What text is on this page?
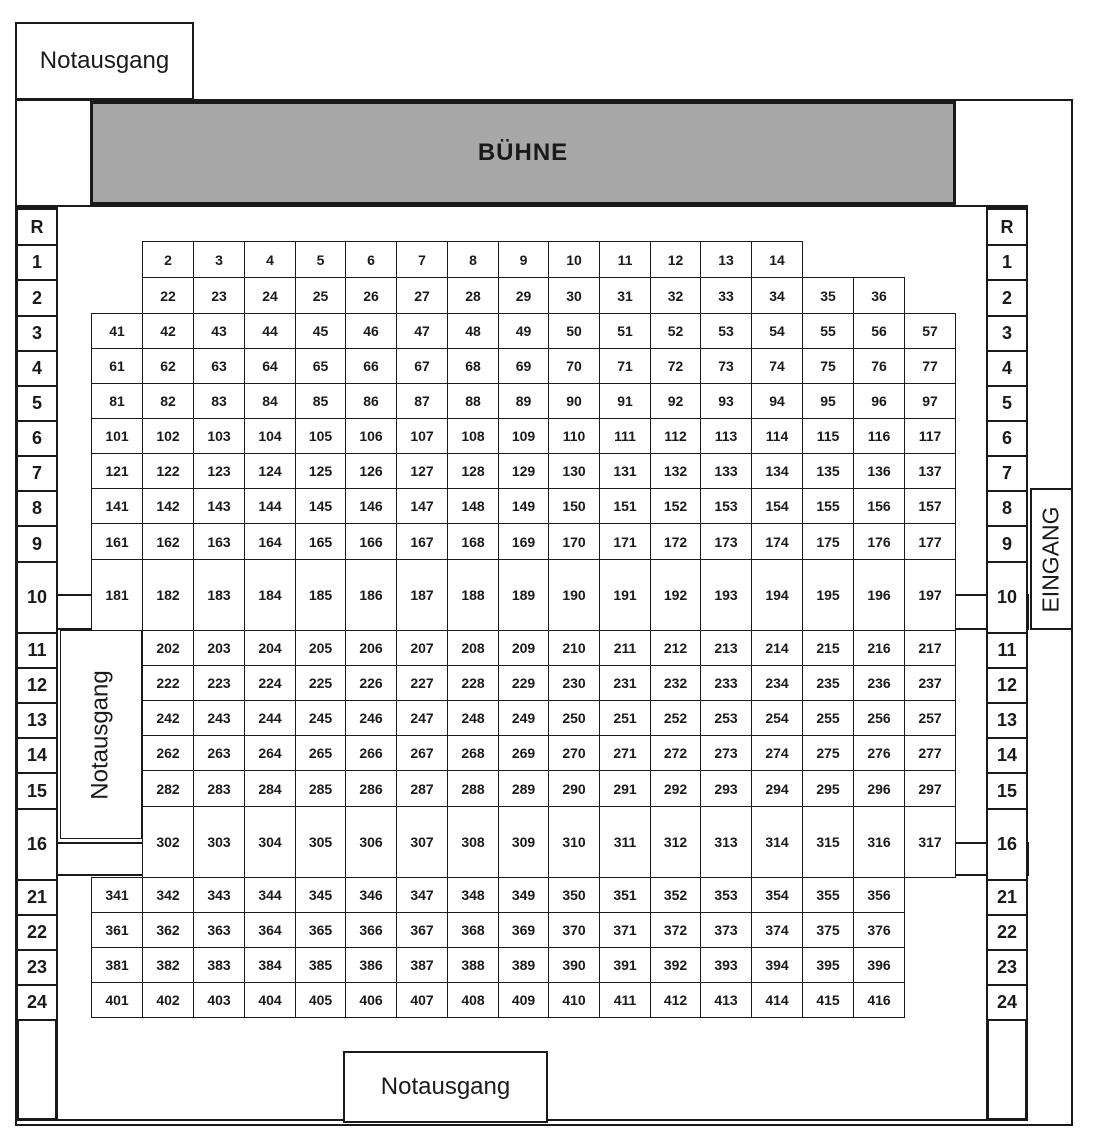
Notausgang
BÜHNE
R
1
2
3
4
5
6
7
8
9
10
11
12
13
14
15
16
21
22
23
24
R
1
2
3
4
5
6
7
8
9
10
11
12
13
14
15
16
21
22
23
24
EINGANG
Notausgang
Notausgang
2	3	4	5	6	7	8	9	10	11	12	13	14
22	23	24	25	26	27	28	29	30	31	32	33	34	35	36
41	42	43	44	45	46	47	48	49	50	51	52	53	54	55	56	57
61	62	63	64	65	66	67	68	69	70	71	72	73	74	75	76	77
81	82	83	84	85	86	87	88	89	90	91	92	93	94	95	96	97
101	102	103	104	105	106	107	108	109	110	111	112	113	114	115	116	117
121	122	123	124	125	126	127	128	129	130	131	132	133	134	135	136	137
141	142	143	144	145	146	147	148	149	150	151	152	153	154	155	156	157
161	162	163	164	165	166	167	168	169	170	171	172	173	174	175	176	177
181	182	183	184	185	186	187	188	189	190	191	192	193	194	195	196	197
202	203	204	205	206	207	208	209	210	211	212	213	214	215	216	217
222	223	224	225	226	227	228	229	230	231	232	233	234	235	236	237
242	243	244	245	246	247	248	249	250	251	252	253	254	255	256	257
262	263	264	265	266	267	268	269	270	271	272	273	274	275	276	277
282	283	284	285	286	287	288	289	290	291	292	293	294	295	296	297
302	303	304	305	306	307	308	309	310	311	312	313	314	315	316	317
341	342	343	344	345	346	347	348	349	350	351	352	353	354	355	356
361	362	363	364	365	366	367	368	369	370	371	372	373	374	375	376
381	382	383	384	385	386	387	388	389	390	391	392	393	394	395	396
401	402	403	404	405	406	407	408	409	410	411	412	413	414	415	416
